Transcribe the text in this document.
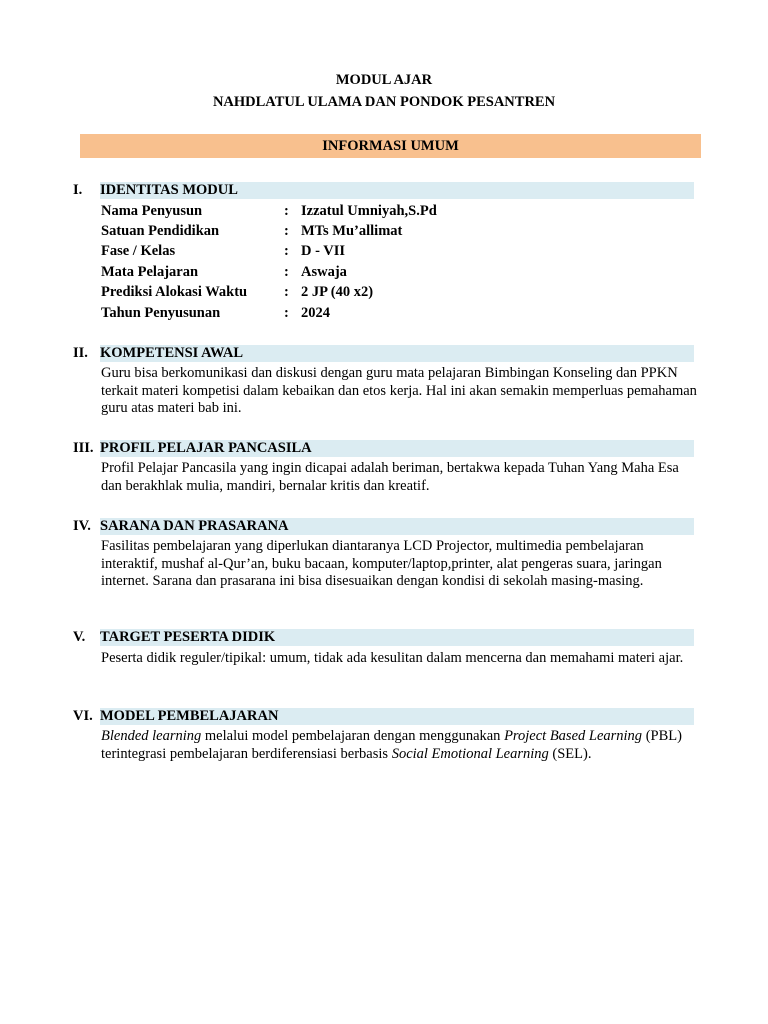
MODUL AJAR
NAHDLATUL ULAMA DAN PONDOK PESANTREN
INFORMASI UMUM
I. IDENTITAS MODUL
Nama Penyusun	: Izzatul Umniyah,S.Pd
Satuan Pendidikan	: MTs Mu’allimat
Fase / Kelas	: D - VII
Mata Pelajaran	: Aswaja
Prediksi Alokasi Waktu	: 2 JP (40 x2)
Tahun Penyusunan	: 2024
II. KOMPETENSI AWAL
Guru bisa berkomunikasi dan diskusi dengan guru mata pelajaran Bimbingan Konseling dan PPKN terkait materi kompetisi dalam kebaikan dan etos kerja. Hal ini akan semakin memperluas pemahaman guru atas materi bab ini.
III. PROFIL PELAJAR PANCASILA
Profil Pelajar Pancasila yang ingin dicapai adalah beriman, bertakwa kepada Tuhan Yang Maha Esa dan berakhlak mulia, mandiri, bernalar kritis dan kreatif.
IV. SARANA DAN PRASARANA
Fasilitas pembelajaran yang diperlukan diantaranya LCD Projector, multimedia pembelajaran interaktif, mushaf al-Qur’an, buku bacaan, komputer/laptop,printer, alat pengeras suara, jaringan internet. Sarana dan prasarana ini bisa disesuaikan dengan kondisi di sekolah masing-masing.
V. TARGET PESERTA DIDIK
Peserta didik reguler/tipikal: umum, tidak ada kesulitan dalam mencerna dan memahami materi ajar.
VI. MODEL PEMBELAJARAN
Blended learning melalui model pembelajaran dengan menggunakan Project Based Learning (PBL) terintegrasi pembelajaran berdiferensiasi berbasis Social Emotional Learning (SEL).
